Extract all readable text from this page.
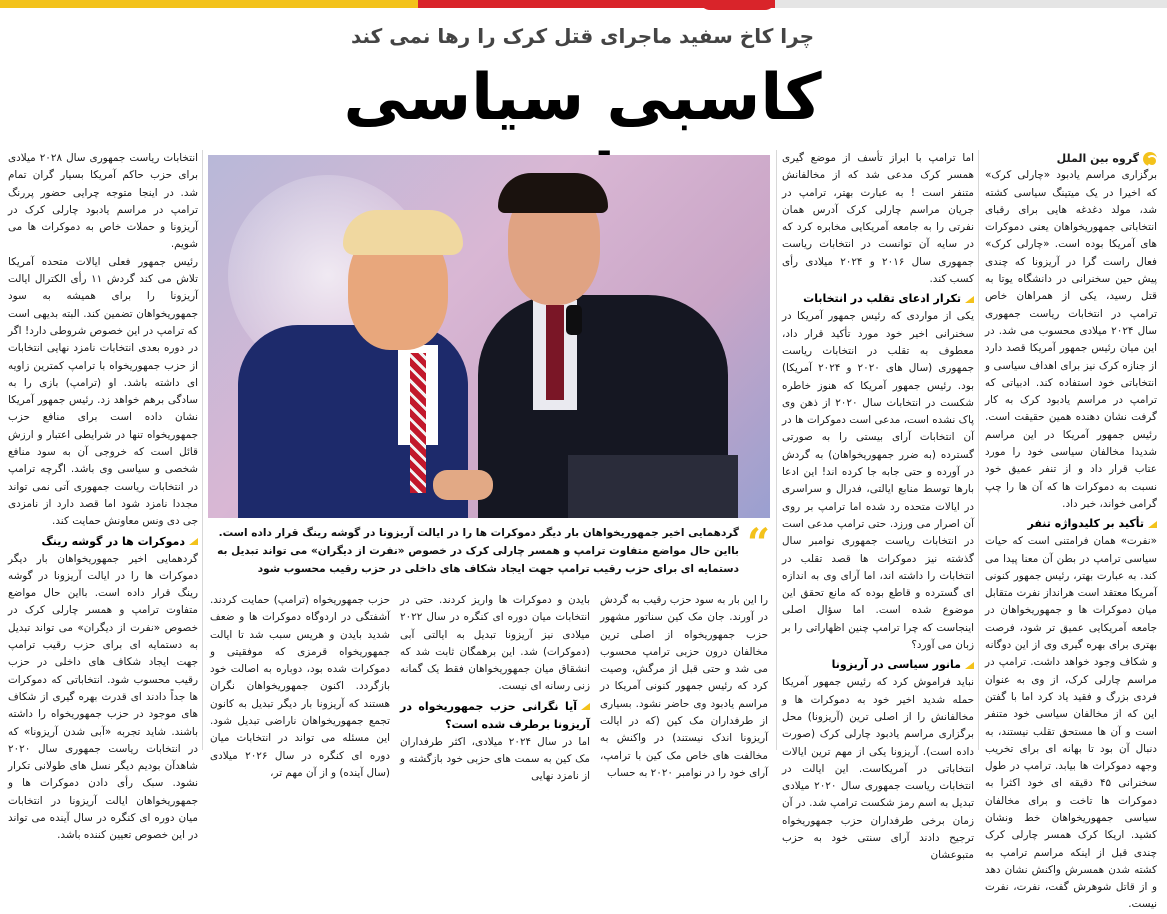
چرا کاخ سفید ماجرای قتل کرک را رها نمی کند
کاسبی سیاسی
گروه بین الملل

برگزاری مراسم یادبود «چارلی کرک» که اخیرا در یک میتینگ سیاسی کشته شد، مولد دغدغه هایی برای رقبای انتخاباتی جمهوریخواهان یعنی دموکرات های آمریکا بوده است. «چارلی کرک» فعال راست گرا در آریزونا که چندی پیش حین سخنرانی در دانشگاه یوتا به قتل رسید، یکی از همراهان خاص ترامپ در انتخابات ریاست جمهوری سال ۲۰۲۴ میلادی محسوب می شد. در این میان رئیس جمهور آمریکا قصد دارد از جنازه کرک نیز برای اهداف سیاسی و انتخاباتی خود استفاده کند. ادبیاتی که ترامپ در مراسم یادبود کرک به کار گرفت نشان دهنده همین حقیقت است. رئیس جمهور آمریکا در این مراسم شدیدا مخالفان سیاسی خود را مورد عتاب قرار داد و از تنفر عمیق خود نسبت به دموکرات ها که آن ها را چپ گرامی خواند، خبر داد.

تأکید بر کلیدواژه تنفر

«نفرت» همان فرامتنی است که حیات سیاسی ترامپ در بطن آن معنا پیدا می کند. به عبارت بهتر، رئیس جمهور کنونی آمریکا معتقد است هرانداز نفرت متقابل میان دموکرات ها و جمهوریخواهان در جامعه آمریکایی عمیق تر شود، فرصت بهتری برای بهره گیری وی از این دوگانه و شکاف وجود خواهد داشت. ترامپ در مراسم چارلی کرک، از وی به عنوان فردی بزرگ و فقید یاد کرد اما با گفتن این که از مخالفان سیاسی خود متنفر است و آن ها مستحق تقلب نیستند، به دنبال آن بود تا بهانه ای برای تخریب وجهه دموکرات ها بیابد. ترامپ در طول سخنرانی ۴۵ دقیقه ای خود اکثرا به دموکرات ها تاخت و برای مخالفان سیاسی جمهوریخواهان خط ونشان کشید. اریکا کرک همسر چارلی کرک چندی قبل از اینکه مراسم ترامپ به کشته شدن همسرش واکنش نشان دهد و از قاتل شوهرش گفت، نفرت، نفرت نیست.

اما ترامپ با ابراز تأسف از موضع گیری همسر کرک مدعی شد که از مخالفانش متنفر است ! به عبارت بهتر، ترامپ در جریان مراسم چارلی کرک آدرس همان نفرتی را به جامعه آمریکایی مخابره کرد که در سایه آن توانست در انتخابات ریاست جمهوری سال ۲۰۱۶ و ۲۰۲۴ میلادی رأی کسب کند.

تکرار ادعای تقلب در انتخابات

یکی از مواردی که رئیس جمهور آمریکا در سخنرانی اخیر خود مورد تأکید قرار داد، معطوف به تقلب در انتخابات ریاست جمهوری (سال های ۲۰۲۰ و ۲۰۲۴ آمریکا) بود. رئیس جمهور آمریکا که هنوز خاطره شکست در انتخابات سال ۲۰۲۰ از ذهن وی پاک نشده است، مدعی است دموکرات ها در آن انتخابات آرای بیستی را به صورتی گسترده (به ضرر جمهوریخواهان) به گردش در آورده و حتی جابه جا کرده اند! این ادعا بارها توسط منابع ایالتی، فدرال و سراسری در ایالات متحده رد شده اما ترامپ بر روی آن اصرار می ورزد. حتی ترامپ مدعی است در انتخابات ریاست جمهوری نوامبر سال گذشته نیز دموکرات ها قصد تقلب در انتخابات را داشته اند، اما آرای وی به اندازه ای گسترده و قاطع بوده که مانع تحقق این موضوع شده است. اما سؤال اصلی اینجاست که چرا ترامپ چنین اظهاراتی را بر زبان می آورد؟

مانور سیاسی در آریزونا

نباید فراموش کرد که رئیس جمهور آمریکا حمله شدید اخیر خود به دموکرات ها و مخالفانش را از اصلی ترین (آریزونا) محل برگزاری مراسم یادبود چارلی کرک (صورت داده است). آریزونا یکی از مهم ترین ایالات انتخاباتی در آمریکاست. این ایالت در انتخابات ریاست جمهوری سال ۲۰۲۰ میلادی تبدیل به اسم رمز شکست ترامپ شد. در آن زمان برخی طرفداران حزب جمهوریخواه ترجیح دادند آرای سنتی خود به حزب متبوعشان

“
گردهمایی اخیر جمهوریخواهان بار دیگر دموکرات ها را در ایالت آریزونا در گوشه رینگ قرار داده است. بااین حال مواضع متفاوت ترامپ و همسر چارلی کرک در خصوص «نفرت از دیگران» می تواند تبدیل به دستمایه ای برای حزب رقیب ترامپ جهت ایجاد شکاف های داخلی در حزب رقیب محسوب شود

را این بار به سود حزب رقیب به گردش در آورند. جان مک کین سناتور مشهور حزب جمهوریخواه از اصلی ترین مخالفان درون حزبی ترامپ محسوب می شد و حتی قبل از مرگش، وصیت کرد که رئیس جمهور کنونی آمریکا در مراسم یادبود وی حاضر نشود. بسیاری از طرفداران مک کین (که در ایالت آریزونا اندک نیستند) در واکنش به مخالفت های خاص مک کین با ترامپ، آرای خود را در نوامبر ۲۰۲۰ به حساب

بایدن و دموکرات ها واریز کردند. حتی در انتخابات میان دوره ای کنگره در سال ۲۰۲۲ میلادی نیز آریزونا تبدیل به ایالتی آبی (دموکرات) شد. این برهمگان ثابت شد که انشقاق میان جمهوریخواهان فقط یک گمانه زنی رسانه ای نیست.

آیا نگرانی حزب جمهوریخواه در آریزونا برطرف شده است؟

اما در سال ۲۰۲۴ میلادی، اکثر طرفداران مک کین به سمت های حزبی خود بازگشته و از نامزد نهایی

حزب جمهوریخواه (ترامپ) حمایت کردند. آشفتگی در اردوگاه دموکرات ها و ضعف شدید بایدن و هریس سبب شد تا ایالت جمهوریخواه قرمزی که موفقیتی و دموکرات شده بود، دوباره به اصالت خود بازگردد. اکنون جمهوریخواهان نگران هستند که آریزونا بار دیگر تبدیل به کانون تجمع جمهوریخواهان ناراضی تبدیل شود. این مسئله می تواند در انتخابات میان دوره ای کنگره در سال ۲۰۲۶ میلادی (سال آینده) و از آن مهم تر،

انتخابات ریاست جمهوری سال ۲۰۲۸ میلادی برای حزب حاکم آمریکا بسیار گران تمام شد. در اینجا متوجه چرایی حضور پررنگ ترامپ در مراسم یادبود چارلی کرک در آریزونا و حملات خاص به دموکرات ها می شویم.

رئیس جمهور فعلی ایالات متحده آمریکا تلاش می کند گردش ۱۱ رأی الکترال ایالت آریزونا را برای همیشه به سود جمهوریخواهان تضمین کند. البته بدیهی است که ترامپ در این خصوص شروطی دارد! اگر در دوره بعدی انتخابات نامزد نهایی انتخابات از حزب جمهوریخواه با ترامپ کمترین زاویه ای داشته باشد. او (ترامپ) بازی را به سادگی برهم خواهد زد. رئیس جمهور آمریکا نشان داده است برای منافع حزب جمهوریخواه تنها در شرایطی اعتبار و ارزش قائل است که خروجی آن به سود منافع شخصی و سیاسی وی باشد. اگرچه ترامپ در انتخابات ریاست جمهوری آتی نمی تواند مجددا نامزد شود اما قصد دارد از نامزدی جی دی ونس معاونش حمایت کند.

دموکرات ها در گوشه رینگ

گردهمایی اخیر جمهوریخواهان بار دیگر دموکرات ها را در ایالت آریزونا در گوشه رینگ قرار داده است. بااین حال مواضع متفاوت ترامپ و همسر چارلی کرک در خصوص «نفرت از دیگران» می تواند تبدیل به دستمایه ای برای حزب رقیب ترامپ جهت ایجاد شکاف های داخلی در حزب رقیب محسوب شود. انتخاباتی که دموکرات ها جداً دادند ای قدرت بهره گیری از شکاف های موجود در حزب جمهوریخواه را داشته باشند. شاید تجربه «آبی شدن آریزونا» که در انتخابات ریاست جمهوری سال ۲۰۲۰ شاهدآن بودیم دیگر نسل های طولانی تکرار نشود. سبک رأی دادن دموکرات ها و جمهوریخواهان ایالت آریزونا در انتخابات میان دوره ای کنگره در سال آینده می تواند در این خصوص تعیین کننده باشد.
